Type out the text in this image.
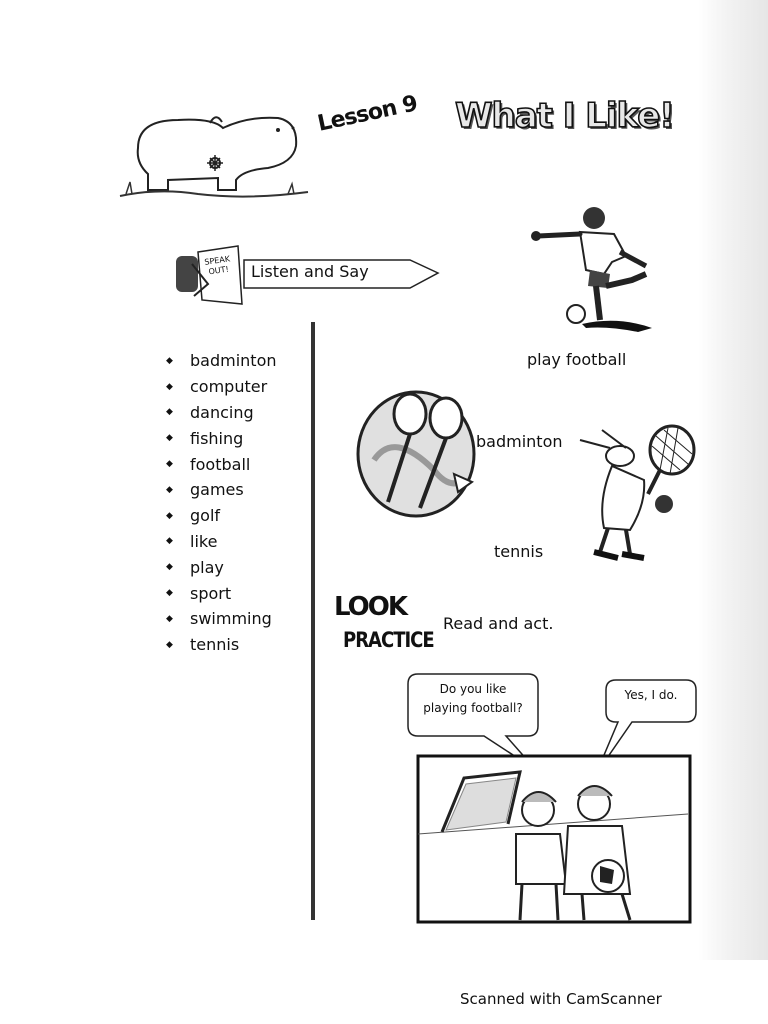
Lesson 9 What I Like!
SPEAK OUT!	Listen and Say
◆	badminton
◆	computer
◆	dancing
◆	fishing
◆	football
◆	games
◆	golf
◆	like
◆	play
◆	sport
◆	swimming
◆	tennis
play football
badminton
tennis
LOOK
PRACTICE
Read and act.
Do you like
playing football?
Yes, I do.
Scanned with CamScanner
